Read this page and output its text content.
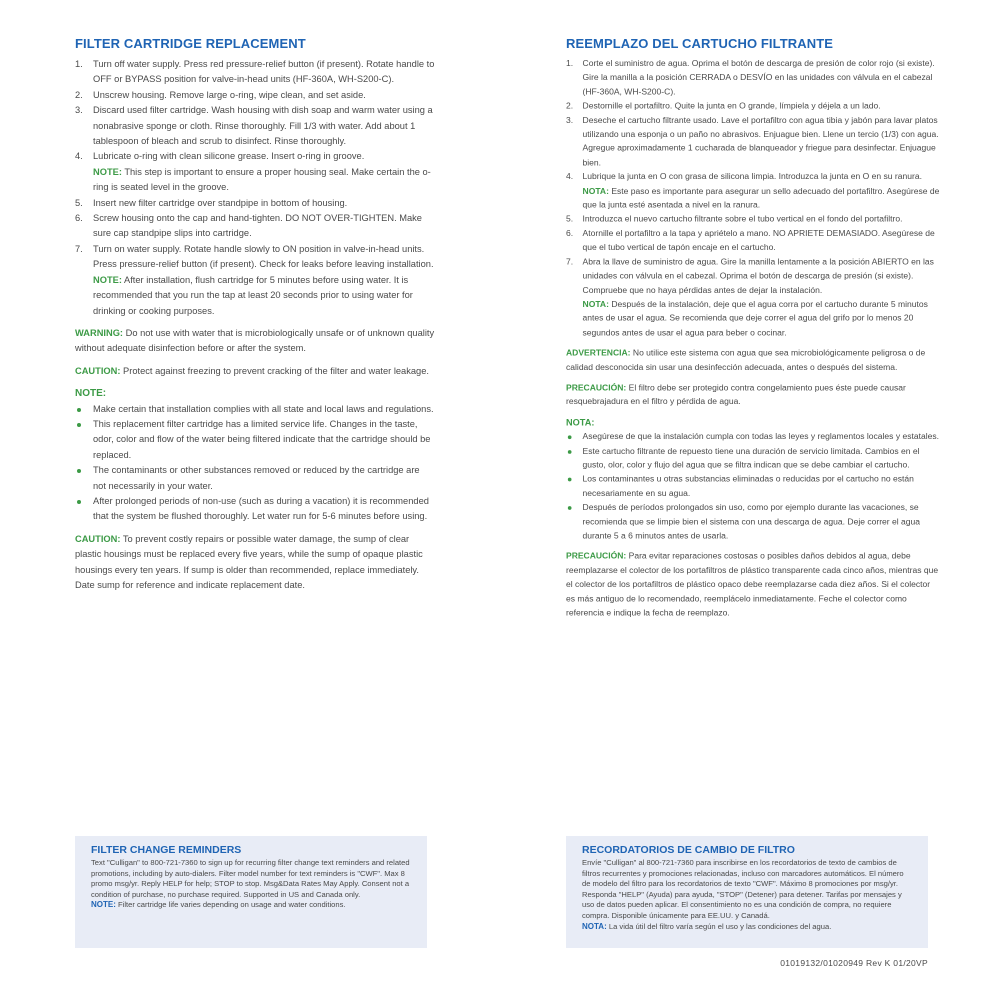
FILTER CARTRIDGE REPLACEMENT
1. Turn off water supply. Press red pressure-relief button (if present). Rotate handle to OFF or BYPASS position for valve-in-head units (HF-360A, WH-S200-C).
2. Unscrew housing. Remove large o-ring, wipe clean, and set aside.
3. Discard used filter cartridge. Wash housing with dish soap and warm water using a nonabrasive sponge or cloth. Rinse thoroughly. Fill 1/3 with water. Add about 1 tablespoon of bleach and scrub to disinfect. Rinse thoroughly.
4. Lubricate o-ring with clean silicone grease. Insert o-ring in groove.
NOTE: This step is important to ensure a proper housing seal. Make certain the o-ring is seated level in the groove.
5. Insert new filter cartridge over standpipe in bottom of housing.
6. Screw housing onto the cap and hand-tighten. DO NOT OVER-TIGHTEN. Make sure cap standpipe slips into cartridge.
7. Turn on water supply. Rotate handle slowly to ON position in valve-in-head units. Press pressure-relief button (if present). Check for leaks before leaving installation.
NOTE: After installation, flush cartridge for 5 minutes before using water. It is recommended that you run the tap at least 20 seconds prior to using water for drinking or cooking purposes.
WARNING: Do not use with water that is microbiologically unsafe or of unknown quality without adequate disinfection before or after the system.
CAUTION: Protect against freezing to prevent cracking of the filter and water leakage.
NOTE:
Make certain that installation complies with all state and local laws and regulations.
This replacement filter cartridge has a limited service life. Changes in the taste, odor, color and flow of the water being filtered indicate that the cartridge should be replaced.
The contaminants or other substances removed or reduced by the cartridge are not necessarily in your water.
After prolonged periods of non-use (such as during a vacation) it is recommended that the system be flushed thoroughly. Let water run for 5-6 minutes before using.
CAUTION: To prevent costly repairs or possible water damage, the sump of clear plastic housings must be replaced every five years, while the sump of opaque plastic housings every ten years. If sump is older than recommended, replace immediately. Date sump for reference and indicate replacement date.
REEMPLAZO DEL CARTUCHO FILTRANTE
1. Corte el suministro de agua. Oprima el botón de descarga de presión de color rojo (si existe). Gire la manilla a la posición CERRADA o DESVÍO en las unidades con válvula en el cabezal (HF-360A, WH-S200-C).
2. Destornille el portafiltro. Quite la junta en O grande, límpiela y déjela a un lado.
3. Deseche el cartucho filtrante usado. Lave el portafiltro con agua tibia y jabón para lavar platos utilizando una esponja o un paño no abrasivos. Enjuague bien. Llene un tercio (1/3) con agua. Agregue aproximadamente 1 cucharada de blanqueador y friegue para desinfectar. Enjuague bien.
4. Lubrique la junta en O con grasa de silicona limpia. Introduzca la junta en O en su ranura.
NOTA: Este paso es importante para asegurar un sello adecuado del portafiltro. Asegúrese de que la junta esté asentada a nivel en la ranura.
5. Introduzca el nuevo cartucho filtrante sobre el tubo vertical en el fondo del portafiltro.
6. Atornille el portafiltro a la tapa y apriételo a mano. NO APRIETE DEMASIADO. Asegúrese de que el tubo vertical de tapón encaje en el cartucho.
7. Abra la llave de suministro de agua. Gire la manilla lentamente a la posición ABIERTO en las unidades con válvula en el cabezal. Oprima el botón de descarga de presión (si existe). Compruebe que no haya pérdidas antes de dejar la instalación.
NOTA: Después de la instalación, deje que el agua corra por el cartucho durante 5 minutos antes de usar el agua. Se recomienda que deje correr el agua del grifo por lo menos 20 segundos antes de usar el agua para beber o cocinar.
ADVERTENCIA: No utilice este sistema con agua que sea microbiológicamente peligrosa o de calidad desconocida sin usar una desinfección adecuada, antes o después del sistema.
PRECAUCIÓN: El filtro debe ser protegido contra congelamiento pues éste puede causar resquebrajadura en el filtro y pérdida de agua.
NOTA:
Asegúrese de que la instalación cumpla con todas las leyes y reglamentos locales y estatales.
Este cartucho filtrante de repuesto tiene una duración de servicio limitada. Cambios en el gusto, olor, color y flujo del agua que se filtra indican que se debe cambiar el cartucho.
Los contaminantes u otras substancias eliminadas o reducidas por el cartucho no están necesariamente en su agua.
Después de períodos prolongados sin uso, como por ejemplo durante las vacaciones, se recomienda que se limpie bien el sistema con una descarga de agua. Deje correr el agua durante 5 a 6 minutos antes de usarla.
PRECAUCIÓN: Para evitar reparaciones costosas o posibles daños debidos al agua, debe reemplazarse el colector de los portafiltros de plástico transparente cada cinco años, mientras que el colector de los portafiltros de plástico opaco debe reemplazarse cada diez años. Si el colector es más antiguo de lo recomendado, reemplácelo inmediatamente. Feche el colector como referencia e indique la fecha de reemplazo.
FILTER CHANGE REMINDERS
Text "Culligan" to 800-721-7360 to sign up for recurring filter change text reminders and related promotions, including by auto-dialers. Filter model number for text reminders is "CWF". Max 8 promo msg/yr. Reply HELP for help; STOP to stop. Msg&Data Rates May Apply. Consent not a condition of purchase, no purchase required. Supported in US and Canada only.
NOTE: Filter cartridge life varies depending on usage and water conditions.
RECORDATORIOS DE CAMBIO DE FILTRO
Envíe "Culligan" al 800-721-7360 para inscribirse en los recordatorios de texto de cambios de filtros recurrentes y promociones relacionadas, incluso con marcadores automáticos. El número de modelo del filtro para los recordatorios de texto "CWF". Máximo 8 promociones por msg/yr. Responda "HELP" (Ayuda) para ayuda, "STOP" (Detener) para detener. Tarifas por mensajes y uso de datos pueden aplicar. El consentimiento no es una condición de compra, no requiere compra. Disponible únicamente para EE.UU. y Canadá.
NOTA: La vida útil del filtro varía según el uso y las condiciones del agua.
01019132/01020949 Rev K 01/20VP
